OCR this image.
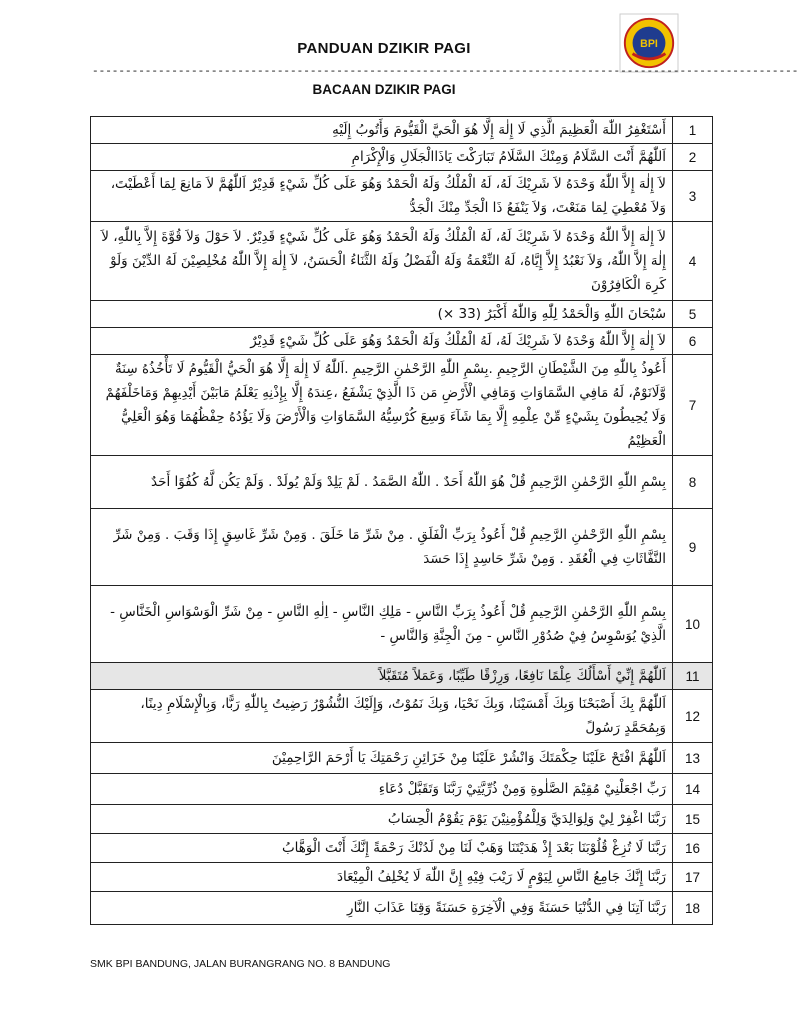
PANDUAN DZIKIR PAGI	BPI
-----------------------------------------------------------------------------------------------------------
BACAAN DZIKIR PAGI
أَسْتَغْفِرُ اللّٰهَ الْعَظِيمَ الَّذِي لَا إِلٰهَ إِلَّا هُوَ الْحَيَّ الْقَيُّومَ وَأَتُوبُ إِلَيْهِ	1
اَللّٰهُمَّ أَنْتَ السَّلَامُ وَمِنْكَ السَّلَامُ تَبَارَكْتَ يَاذَاالْجَلَالِ وَالْإِكْرَامِ	2
لاَ إِلٰهَ إِلاَّ اللّٰهُ وَحْدَهُ لاَ شَرِيْكَ لَهُ، لَهُ الْمُلْكُ وَلَهُ الْحَمْدُ وَهُوَ عَلَى كُلِّ شَيْءٍ قَدِيْرٌ اَللّٰهُمَّ لاَ مَانِعَ لِمَا أَعْطَيْتَ، وَلاَ مُعْطِيَ لِمَا مَنَعْتَ، وَلاَ يَنْفَعُ ذَا الْجَدِّ مِنْكَ الْجَدُّ	3
لاَ إِلٰهَ إِلاَّ اللّٰهُ وَحْدَهُ لاَ شَرِيْكَ لَهُ، لَهُ الْمُلْكُ وَلَهُ الْحَمْدُ وَهُوَ عَلَى كُلِّ شَيْءٍ قَدِيْرٌ. لاَ حَوْلَ وَلاَ قُوَّةَ إِلاَّ بِاللّٰهِ، لاَ إِلٰهَ إِلاَّ اللّٰهُ، وَلاَ نَعْبُدُ إِلاَّ إِيَّاهُ، لَهُ النِّعْمَةُ وَلَهُ الْفَضْلُ وَلَهُ الثَّنَاءُ الْحَسَنُ، لاَ إِلٰهَ إِلاَّ اللّٰهُ مُخْلِصِيْنَ لَهُ الدِّيْنَ وَلَوْ كَرِهَ الْكَافِرُوْنَ	4
سُبْحَانَ اللّٰهِ وَالْحَمْدُ لِلّٰهِ وَاللّٰهُ أَكْبَرُ (33 ×)	5
لاَ إِلٰهَ إِلاَّ اللّٰهُ وَحْدَهُ لاَ شَرِيْكَ لَهُ، لَهُ الْمُلْكُ وَلَهُ الْحَمْدُ وَهُوَ عَلَى كُلِّ شَيْءٍ قَدِيْرٌ	6
أَعُوذُ بِاللّٰهِ مِنَ الشَّيْطَانِ الرَّجِيمِ .بِسْمِ اللّٰهِ الرَّحْمٰنِ الرَّحِيمِ .اَللّٰهُ لَا إِلٰهَ إِلَّا هُوَ الْحَيُّ الْقَيُّومُ لَا تَأْخُذُهُ سِنَةٌ وَّلَانَوْمٌ، لَهُ مَافِي السَّمَاوَاتِ وَمَافِي الْأَرْضِ مَن ذَا الَّذِيْ يَشْفَعُ ،عِندَهُ إِلَّا بِإِذْنِهِ يَعْلَمُ مَابَيْنَ أَيْدِيهِمْ وَمَاخَلْفَهُمْ وَلَا يُحِيطُونَ بِشَيْءٍ مِّنْ عِلْمِهِ إِلَّا بِمَا شَآءَ وَسِعَ كُرْسِيُّهُ السَّمَاوَاتِ وَالْأَرْضَ وَلَا يَؤُدُهُ حِفْظُهُمَا وَهُوَ الْعَلِيُّ الْعَظِيْمُ	7
بِسْمِ اللّٰهِ الرَّحْمٰنِ الرَّحِيمِ قُلْ هُوَ اللّٰهُ أَحَدٌ . اللّٰهُ الصَّمَدُ . لَمْ يَلِدْ وَلَمْ يُولَدْ . وَلَمْ يَكُن لَّهُ كُفُوًا أَحَدٌ	8
بِسْمِ اللّٰهِ الرَّحْمٰنِ الرَّحِيمِ قُلْ أَعُوذُ بِرَبِّ الْفَلَقِ . مِنْ شَرِّ مَا خَلَقَ . وَمِنْ شَرِّ غَاسِقٍ إِذَا وَقَبَ . وَمِنْ شَرِّ النَّفَّاثَاتِ فِي الْعُقَدِ . وَمِنْ شَرِّ حَاسِدٍ إِذَا حَسَدَ	9
بِسْمِ اللّٰهِ الرَّحْمٰنِ الرَّحِيمِ قُلْ أَعُوذُ بِرَبِّ النَّاسِ - مَلِكِ النَّاسِ - اِلٰهِ النَّاسِ - مِنْ شَرِّ الْوَسْوَاسِ الْخَنَّاسِ - الَّذِيْ يُوَسْوِسُ فِيْ صُدُوْرِ النَّاسِ - مِنَ الْجِنَّةِ وَالنَّاسِ -	10
اَللّٰهُمَّ إِنِّيْ أَسْأَلُكَ عِلْمًا نَافِعًا، وَرِزْقًا طَيِّبًا، وَعَمَلاً مُتَقَبَّلاً	11
اَللّٰهُمَّ بِكَ أَصْبَحْنَا وَبِكَ أَمْسَيْنَا، وَبِكَ نَحْيَا، وَبِكَ نَمُوْتُ، وَإِلَيْكَ النُّشُوْرُ رَضِيتُ بِاللّٰهِ رَبًّا، وَبِالْإِسْلَامِ دِينًا، وَبِمُحَمَّدٍ رَسُولً	12
اَللّٰهُمَّ افْتَحْ عَلَيْنَا حِكْمَتَكَ وَانْشُرْ عَلَيْنَا مِنْ خَزَائِنِ رَحْمَتِكَ يَا أَرْحَمَ الرَّاحِمِيْنَ	13
رَبِّ اجْعَلْنِيْ مُقِيْمَ الصَّلٰوةِ وَمِنْ ذُرِّيَّتِيْ رَبَّنَا وَتَقَبَّلْ دُعَاءِ	14
رَبَّنَا اغْفِرْ لِيْ وَلِوَالِدَيَّ وَلِلْمُؤْمِنِيْنَ يَوْمَ يَقُوْمُ الْحِسَابُ	15
رَبَّنَا لَا تُزِغْ قُلُوْبَنَا بَعْدَ إِذْ هَدَيْتَنَا وَهَبْ لَنَا مِنْ لَدُنْكَ رَحْمَةً إِنَّكَ أَنْتَ الْوَهَّابُ	16
رَبَّنَا إِنَّكَ جَامِعُ النَّاسِ لِيَوْمٍ لَا رَيْبَ فِيْهِ إِنَّ اللّٰهَ لَا يُخْلِفُ الْمِيْعَادَ	17
رَبَّنَا آتِنَا فِي الدُّنْيَا حَسَنَةً وَفِي الْآخِرَةِ حَسَنَةً وَقِنَا عَذَابَ النَّارِ	18
SMK BPI BANDUNG, JALAN BURANGRANG NO. 8 BANDUNG
